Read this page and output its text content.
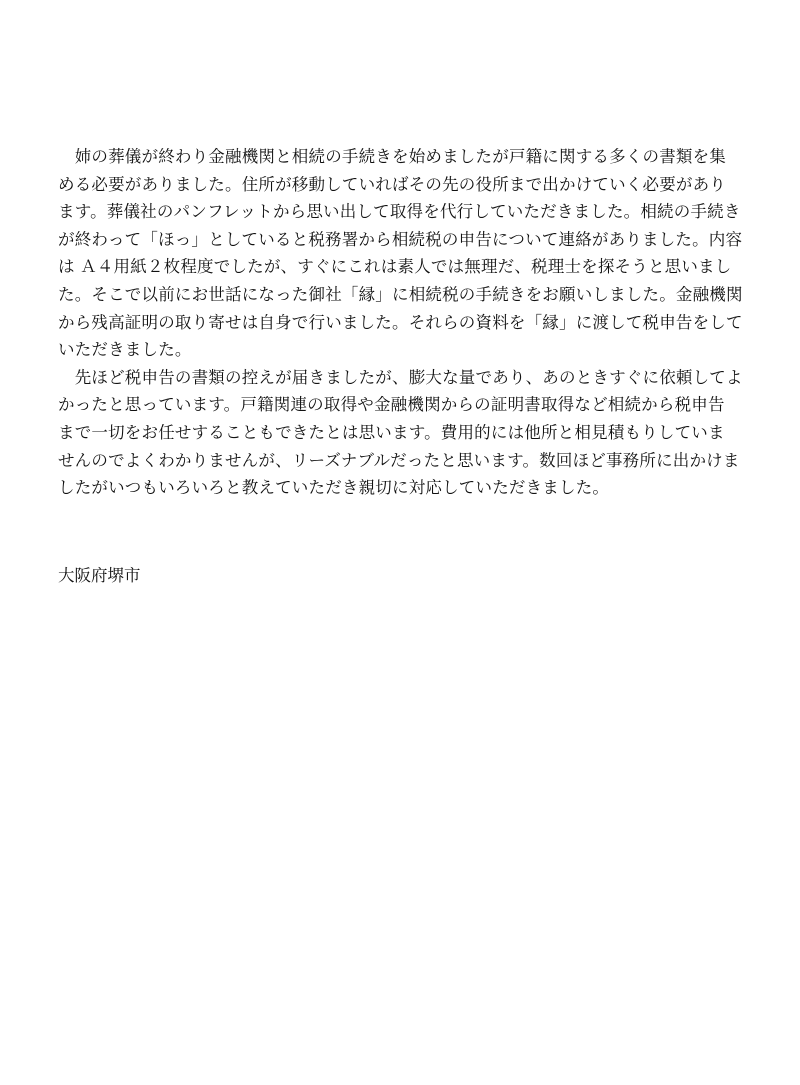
　姉の葬儀が終わり金融機関と相続の手続きを始めましたが戸籍に関する多くの書類を集
める必要がありました。住所が移動していればその先の役所まで出かけていく必要があり
ます。葬儀社のパンフレットから思い出して取得を代行していただきました。相続の手続き
が終わって「ほっ」としていると税務署から相続税の申告について連絡がありました。内容
は Ａ４用紙２枚程度でしたが、すぐにこれは素人では無理だ、税理士を探そうと思いまし
た。そこで以前にお世話になった御社「縁」に相続税の手続きをお願いしました。金融機関
から残高証明の取り寄せは自身で行いました。それらの資料を「縁」に渡して税申告をして
いただきました。
　先ほど税申告の書類の控えが届きましたが、膨大な量であり、あのときすぐに依頼してよ
かったと思っています。戸籍関連の取得や金融機関からの証明書取得など相続から税申告
まで一切をお任せすることもできたとは思います。費用的には他所と相見積もりしていま
せんのでよくわかりませんが、リーズナブルだったと思います。数回ほど事務所に出かけま
したがいつもいろいろと教えていただき親切に対応していただきました。
大阪府堺市
